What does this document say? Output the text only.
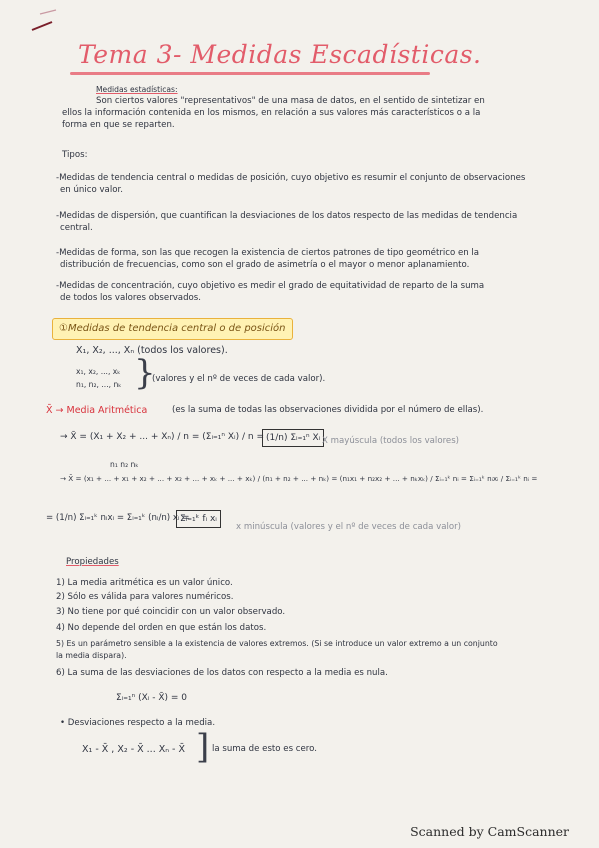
Tema 3- Medidas Escadísticas.
Medidas estadísticas:
Son ciertos valores "representativos" de una masa de datos, en el sentido de sintetizar en
ellos la información contenida en los mismos, en relación a sus valores más característicos o a la
forma en que se reparten.
Tipos:
-Medidas de tendencia central o medidas de posición, cuyo objetivo es resumir el conjunto de observaciones
en único valor.
-Medidas de dispersión, que cuantifican la desviaciones de los datos respecto de las medidas de tendencia
central.
-Medidas de forma, son las que recogen la existencia de ciertos patrones de tipo geométrico en la
distribución de frecuencias, como son el grado de asimetría o el mayor o menor aplanamiento.
-Medidas de concentración, cuyo objetivo es medir el grado de equitatividad de reparto de la suma
de todos los valores observados.
①Medidas de tendencia central o de posición
X₁, X₂, ..., Xₙ (todos los valores).
x₁, x₂, ..., xₖ
n₁, n₂, ..., nₖ }
(valores y el nº de veces de cada valor).
X̄ → Media Aritmética	(es la suma de todas las observaciones dividida por el número de ellas).
→ X̄ = (X₁ + X₂ + ... + Xₙ) / n = (Σᵢ₌₁ⁿ Xᵢ) / n = (1/n) Σᵢ₌₁ⁿ Xᵢ X mayúscula (todos los valores)
n₁ n₂ nₖ
→ X̄ = (x₁ + ... + x₁ + x₂ + ... + x₂ + ... + xₖ + ... + xₖ) / (n₁ + n₂ + ... + nₖ) = (n₁x₁ + n₂x₂ + ... + nₖxₖ) / Σᵢ₌₁ᵏ nᵢ = Σᵢ₌₁ᵏ nᵢxᵢ / Σᵢ₌₁ᵏ nᵢ =
= (1/n) Σᵢ₌₁ᵏ nᵢxᵢ = Σᵢ₌₁ᵏ (nᵢ/n) xᵢ =
Σᵢ₌₁ᵏ fᵢ xᵢ
x minúscula (valores y el nº de veces de cada valor)
Propiedades
1) La media aritmética es un valor único.
2) Sólo es válida para valores numéricos.
3) No tiene por qué coincidir con un valor observado.
4) No depende del orden en que están los datos.
5) Es un parámetro sensible a la existencia de valores extremos. (Si se introduce un valor extremo a un conjunto
la media dispara).
6) La suma de las desviaciones de los datos con respecto a la media es nula.
Σᵢ₌₁ⁿ (Xᵢ - X̄) = 0
• Desviaciones respecto a la media.
X₁ - X̄ , X₂ - X̄ ... Xₙ - X̄ ] la suma de esto es cero.
Scanned by CamScanner
